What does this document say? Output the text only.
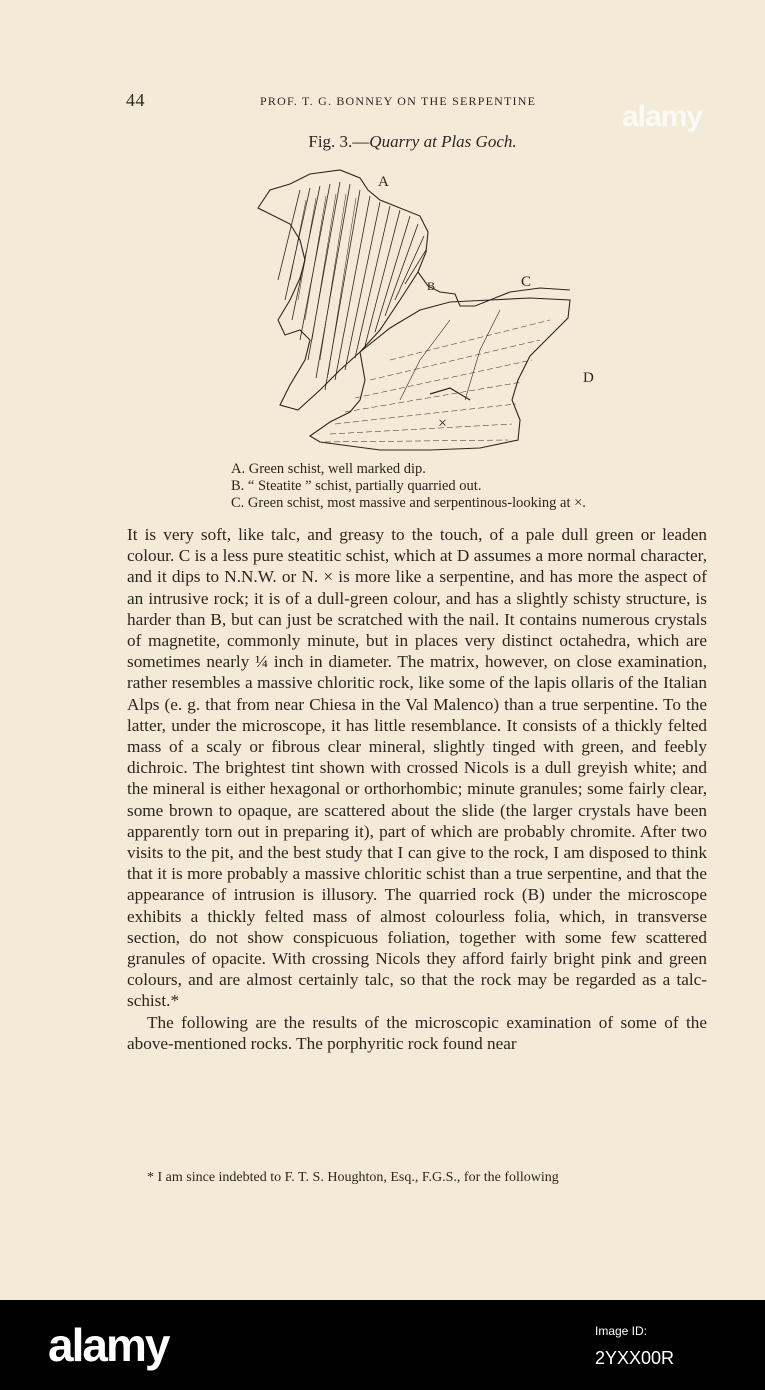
44	PROF. T. G. BONNEY ON THE SERPENTINE	alamy
Fig. 3.—Quarry at Plas Goch.
A
B	C
D
×
A. Green schist, well marked dip.
B. “ Steatite ” schist, partially quarried out.
C. Green schist, most massive and serpentinous-looking at ×.

It is very soft, like talc, and greasy to the touch, of a pale dull green or leaden colour. C is a less pure steatitic schist, which at D assumes a more normal character, and it dips to N.N.W. or N. × is more like a serpentine, and has more the aspect of an intrusive rock; it is of a dull-green colour, and has a slightly schisty structure, is harder than B, but can just be scratched with the nail. It contains numerous crystals of magnetite, commonly minute, but in places very distinct octahedra, which are sometimes nearly ¼ inch in diameter. The matrix, however, on close examination, rather resembles a massive chloritic rock, like some of the lapis ollaris of the Italian Alps (e. g. that from near Chiesa in the Val Malenco) than a true serpentine. To the latter, under the microscope, it has little resemblance. It consists of a thickly felted mass of a scaly or fibrous clear mineral, slightly tinged with green, and feebly dichroic. The brightest tint shown with crossed Nicols is a dull greyish white; and the mineral is either hexagonal or orthorhombic; minute granules; some fairly clear, some brown to opaque, are scattered about the slide (the larger crystals have been apparently torn out in preparing it), part of which are probably chromite. After two visits to the pit, and the best study that I can give to the rock, I am disposed to think that it is more probably a massive chloritic schist than a true serpentine, and that the appearance of intrusion is illusory. The quarried rock (B) under the microscope exhibits a thickly felted mass of almost colourless folia, which, in transverse section, do not show conspicuous foliation, together with some few scattered granules of opacite. With crossing Nicols they afford fairly bright pink and green colours, and are almost certainly talc, so that the rock may be regarded as a talc-schist.*

The following are the results of the microscopic examination of some of the above-mentioned rocks. The porphyritic rock found near

* I am since indebted to F. T. S. Houghton, Esq., F.G.S., for the following
alamy	Image ID:
2YXX00R
